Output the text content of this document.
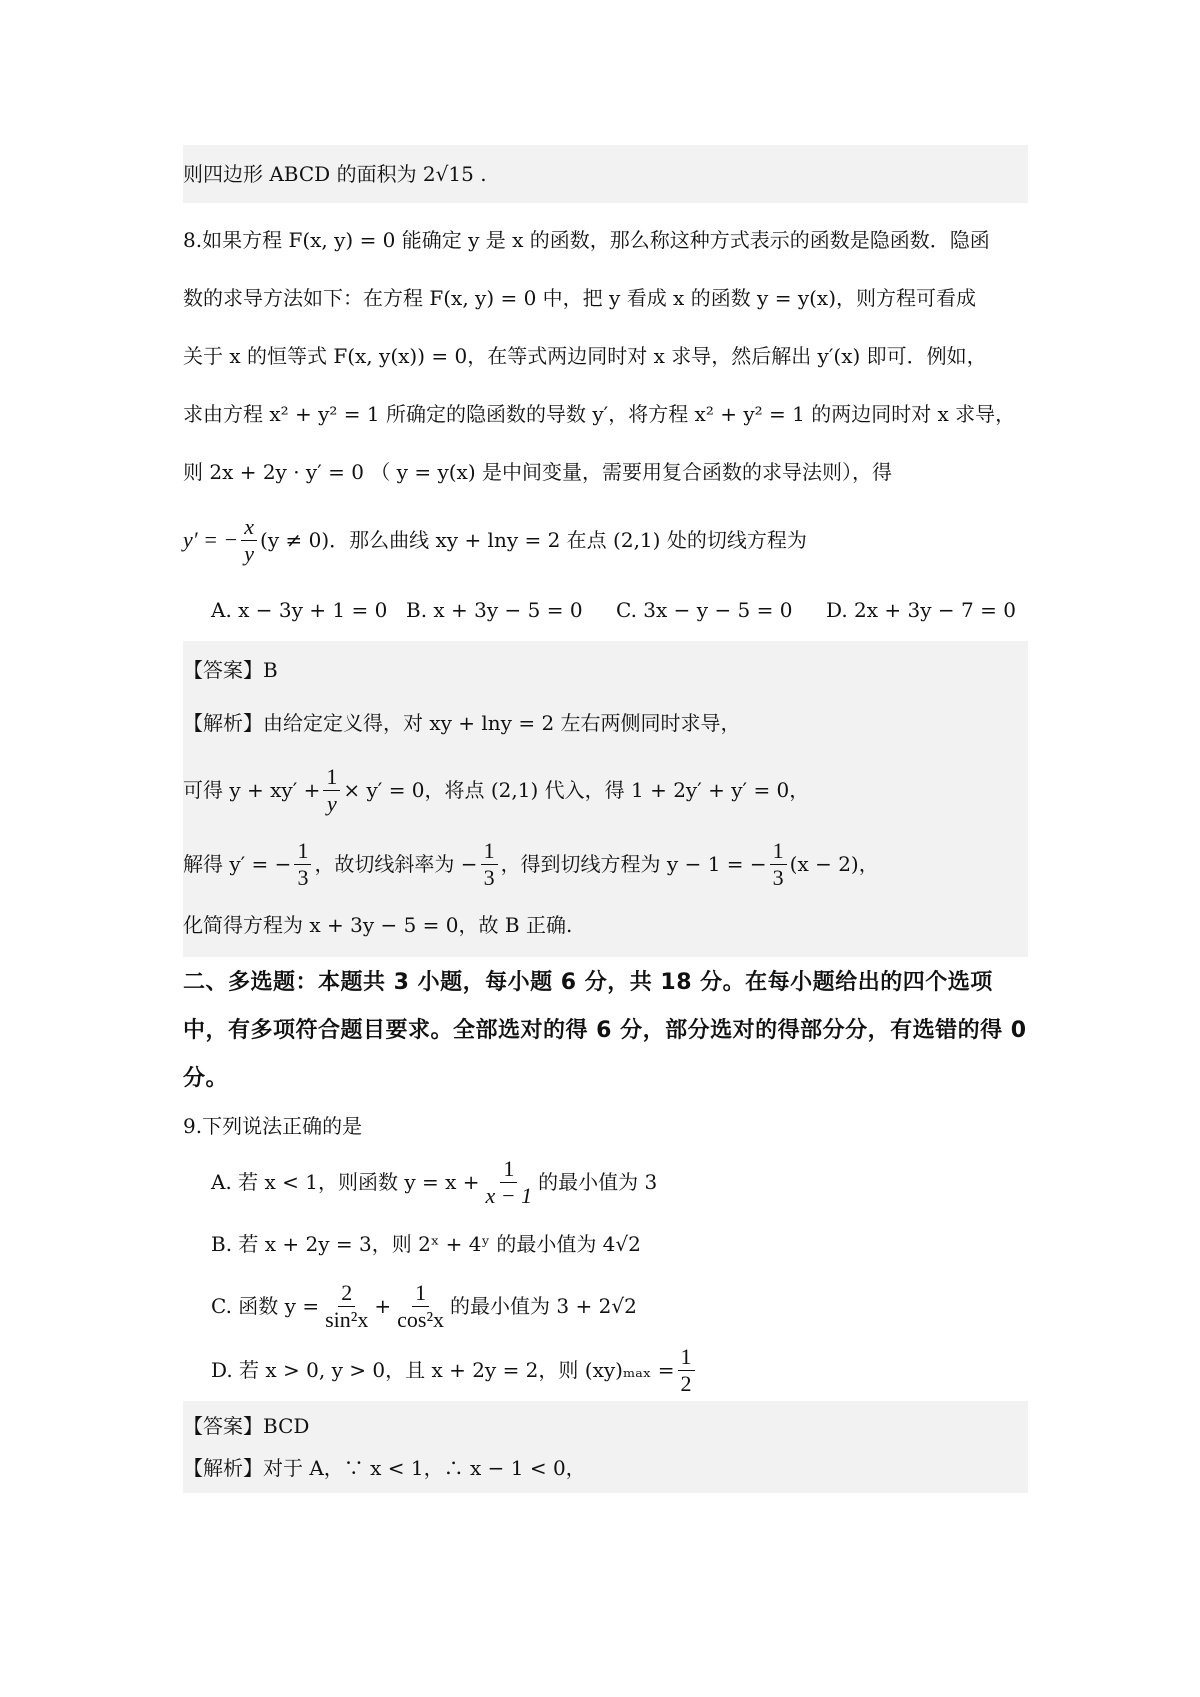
则四边形 ABCD 的面积为 2√15 .
8.如果方程 F(x, y) = 0 能确定 y 是 x 的函数，那么称这种方式表示的函数是隐函数．隐函
数的求导方法如下：在方程 F(x, y) = 0 中，把 y 看成 x 的函数 y = y(x)，则方程可看成
关于 x 的恒等式 F(x, y(x)) = 0，在等式两边同时对 x 求导，然后解出 y′(x) 即可．例如，
求由方程 x² + y² = 1 所确定的隐函数的导数 y′，将方程 x² + y² = 1 的两边同时对 x 求导，
则 2x + 2y · y′ = 0 （ y = y(x) 是中间变量，需要用复合函数的求导法则），得
y′ = − $\frac{x}{y} (y \ne 0)$．那么曲线 xy + lny = 2 在点 (2,1) 处的切线方程为
A. x − 3y + 1 = 0 B. x + 3y − 5 = 0	C. 3x − y − 5 = 0	D. 2x + 3y − 7 = 0
【答案】B
【解析】由给定定义得，对 xy + lny = 2 左右两侧同时求导，
可得 $y + xy' + \frac{1}{y} \times y' = 0$，将点 (2,1) 代入，得 1 + 2y′ + y′ = 0，
解得 y′ = − $\frac{1}{3}$ ，故切线斜率为 − $\frac{1}{3}$ ，得到切线方程为 y − 1 = − $\frac{1}{3} (x - 2)$，
化简得方程为 x + 3y − 5 = 0，故 B 正确.
二、多选题：本题共 3 小题，每小题 6 分，共 18 分。在每小题给出的四个选项中，有多项符合题目要求。全部选对的得 6 分，部分选对的得部分分，有选错的得 0 分。
9.下列说法正确的是
A. 若 x < 1，则函数 $y = x + \frac{1}{x - 1}$ 的最小值为 3
B. 若 x + 2y = 3，则 2ˣ + 4ʸ 的最小值为 4√2
C. 函数 $y = \frac{2}{\text{sin²x}} + \frac{1}{\text{cos²x}}$ 的最小值为 3 + 2√2
D. 若 x > 0, y > 0，且 x + 2y = 2，则 $(xy)_{max} = \frac{1}{2}$
【答案】BCD
【解析】对于 A，∵ x < 1，∴ x − 1 < 0，
